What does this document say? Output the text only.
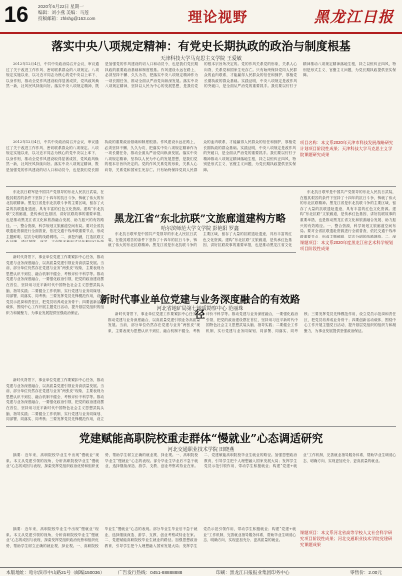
16 2020年6月22日 星期一
编辑：刘小燕 美编：马莲
投稿邮箱：zhlshg@163.com	理论视野	黑龙江日报
落实中央八项规定精神：有党史长期执政的政治与制度根基
天津科技大学马克思主义学院 王爱敏

2012年12月4日，中共中央政治局召开会议，审议通过了关于改进工作作风、密切联系群众的八项规定。八项规定实施以来，以习近平同志为核心的党中央以上率下、以身作则，推动全党作风建设取得显著成效，党风政风焕然一新，社风民风持续向好。落实中央八项规定精神，既是加强党的作风建设的切入口和动员令，也是我们党长期执政的重要政治基础和制度根基。作风建设永远在路上，必须坚持不懈、久久为功，把落实中央八项规定精神作为一项长期任务，推动全面从严治党向纵深发展。落实中央八项规定精神，坚持以人民为中心的发展思想，是我们党的根本宗旨所决定的。党的作风关系党的形象，关系人心向背，关系党和国家生死存亡。只有始终保持党同人民群众的血肉联系，才能赢得人民群众的信任和拥护，厚植党长期执政的群众基础。实践证明，中央八项规定是改作风的突破口，是全面从严治党的重要抓手。我们要以钉钉子精神推动八项规定精神落地生根，持之以恒纠正四风，特别是形式主义、官僚主义问题，为党长期执政提供坚实保障。

项目名称：本文系2020年天津市科技发展战略研究计划项目阶段性成果；天津科技大学马克思主义学院课题研究成果

2012年12月4日，中共中央政治局召开会议，审议通过了关于改进工作作风、密切联系群众的八项规定。八项规定实施以来，以习近平同志为核心的党中央以上率下、以身作则，推动全党作风建设取得显著成效，党风政风焕然一新，社风民风持续向好。落实中央八项规定精神，既是加强党的作风建设的切入口和动员令，也是我们党长期执政的重要政治基础和制度根基。作风建设永远在路上，必须坚持不懈、久久为功，把落实中央八项规定精神作为一项长期任务，推动全面从严治党向纵深发展。落实中央八项规定精神，坚持以人民为中心的发展思想，是我们党的根本宗旨所决定的。党的作风关系党的形象，关系人心向背，关系党和国家生死存亡。只有始终保持党同人民群众的血肉联系，才能赢得人民群众的信任和拥护，厚植党长期执政的群众基础。实践证明，中央八项规定是改作风的突破口，是全面从严治党的重要抓手。我们要以钉钉子精神推动八项规定精神落地生根，持之以恒纠正四风，特别是形式主义、官僚主义问题，为党长期执政提供坚实保障。

东北抗日联军是中国共产党领导的东北人民抗日武装，在极其艰苦的条件下坚持了十四年的抗日斗争，铸就了伟大的东北抗联精神。黑龙江省是东北抗联斗争的主要区域，留存了大量的抗联遗址遗迹，具有丰富的红色文化资源。建构“东北抗联”文旅廊道，是传承红色基因、讲好抗联故事的重要举措，也是推动黑龙江省文化和旅游融合发展、助力振兴的有效路径。一、整合资源，科学规划文旅廊道空间布局。要对全省抗联遗址资源进行全面普查，依托交通干线串联重要节点，形成主题鲜明、层次分明的线路网络。二、深挖内涵，打造抗联文

黑龙江省“东北抗联”文旅廊道建构方略
哈尔滨师范大学文学院 彭艳阳 罗鑫

东北抗日联军是中国共产党领导的东北人民抗日武装，在极其艰苦的条件下坚持了十四年的抗日斗争，铸就了伟大的东北抗联精神。黑龙江省是东北抗联斗争的主要区域，留存了大量的抗联遗址遗迹，具有丰富的红色文化资源。建构“东北抗联”文旅廊道，是传承红色基因、讲好抗联故事的重要举措，也是推动黑龙江省文化

东北抗日联军是中国共产党领导的东北人民抗日武装，在极其艰苦的条件下坚持了十四年的抗日斗争，铸就了伟大的东北抗联精神。黑龙江省是东北抗联斗争的主要区域，留存了大量的抗联遗址遗迹，具有丰富的红色文化资源。建构“东北抗联”文旅廊道，是传承红色基因、讲好抗联故事的重要举措，也是推动黑龙江省文化和旅游融合发展、助力振兴的有效路径。一、整合资源，科学规划文旅廊道空间布局。要对全省抗联遗址资源进行全面普查，依托交通干线串联重要节点，形成主题鲜明、层次分明的线路网络。二、深

课题项目：本文系2020年度黑龙江省艺术科学规划项目阶段性成果

新时代背景下，事业单位党建工作要紧扣中心任务，推动党建与业务深度融合，以高质量党建引领业务高质量发展。当前，部分单位仍然存在党建与业务“两张皮”现象，主要表现为思想认识不到位、融合机制不健全、考核评价不科学等。推动党建与业务深度融合，一要强化政治引领，把党的政治建设摆在首位，坚持用习近平新时代中国特色社会主义思想武装头脑、指导实践；二要健全工作机制，实行党建与业务同谋划、同部署、同落实、同考核；三要发挥党员先锋模范作用，设立党员示范岗和责任区，把党员培养成业务骨干；四要创新活动载体，围绕中心工作开展主题党日活动，提升基层党组织的组织力和凝聚力，为事业发展提供坚强政治保证。

新时代事业单位党建与业务深度融合的有效路径
河北省地矿局第七地质勘察中心 范丽珠

新时代背景下，事业单位党建工作要紧扣中心任务，推动党建与业务深度融合，以高质量党建引领业务高质量发展。当前，部分单位仍然存在党建与业务“两张皮”现象，主要表现为思想认识不到位、融合机制不健全、考核评价不科学等。推动党建与业务深度融合，一要强化政治引领，把党的政治建设摆在首位，坚持用习近平新时代中国特色社会主义思想武装头脑、指导实践；二要健全工作机制，实行党建与业务同谋划、同部署、同落实、同考核；三要发挥党员先锋模范作用，设立党员示范岗和责任区，把党员培养成业务骨干；四要创新活动载体，围绕中心工作开展主题党日活动，提升基层党组织的组织力和凝聚力，为事业发展提供坚强政治保证。

新时代背景下，事业单位党建工作要紧扣中心任务，推动党建与业务深度融合，以高质量党建引领业务高质量发展。当前，部分单位仍然存在党建与业务“两张皮”现象，主要表现为思想认识不到位、融合机制不健全、考核评价不科学等。推动党建与业务深度融合，一要强化政治引领，把党的政治建设摆在首位，坚持用习近平新时代中国特色社会主义思想武装头脑、指导实践；二要健全工作机制，实行党建与业务同谋划、同部署、同落实、同考核；三要发挥党员先锋模范作用，设立

党建赋能高职院校重走群体“慢就业”心态调适研究
河北交通职业技术学院 田晓燕

摘要：近年来，高职院校毕业生中出现“慢就业”现象。本文从党建引领的视角，分析高职院校毕业生“慢就业”心态的成因与表现，探索发挥党组织政治优势和组织优势，帮助学生树立正确的就业观、择业观。一、高职院校毕业生“慢就业”心态的表现。部分毕业生毕业后不急于就业，选择继续深造、游学、支教、创业考察或待业在家。二、党建赋能高职院校毕业生就业的路径。加强思想政治教育，引导学生把个人理想融入国家发展大局；发挥学生党员示范引领作用，带动学生积极就业；构建“党建+就业”工作机制，完善就业指导服务体系，帮助毕业生调适心态、明确方向，实现更加充分、更高质量的就业。

摘要：近年来，高职院校毕业生中出现“慢就业”现象。本文从党建引领的视角，分析高职院校毕业生“慢就业”心态的成因与表现，探索发挥党组织政治优势和组织优势，帮助学生树立正确的就业观、择业观。一、高职院校毕业生“慢就业”心态的表现。部分毕业生毕业后不急于就业，选择继续深造、游学、支教、创业考察或待业在家。二、党建赋能高职院校毕业生就业的路径。加强思想政治教育，引导学生把个人理想融入国家发展大局；发挥学生党员示范引领作用，带动学生积极就业；构建“党建+就业”工作机制，完善就业指导服务体系，帮助毕业生调适心态、明确方向，实现更加充分、更高质量的就业。

课题项目：本文系河北省高等学校人文社会科学研究项目阶段性成果；河北交通职业技术学院党建研究课题成果
本版地址：哈尔滨市中山路21号（邮编150036）	广告发行热线：0451-88888888	印刷：黑龙江日报报业集团印务中心	零售价：2.00元
